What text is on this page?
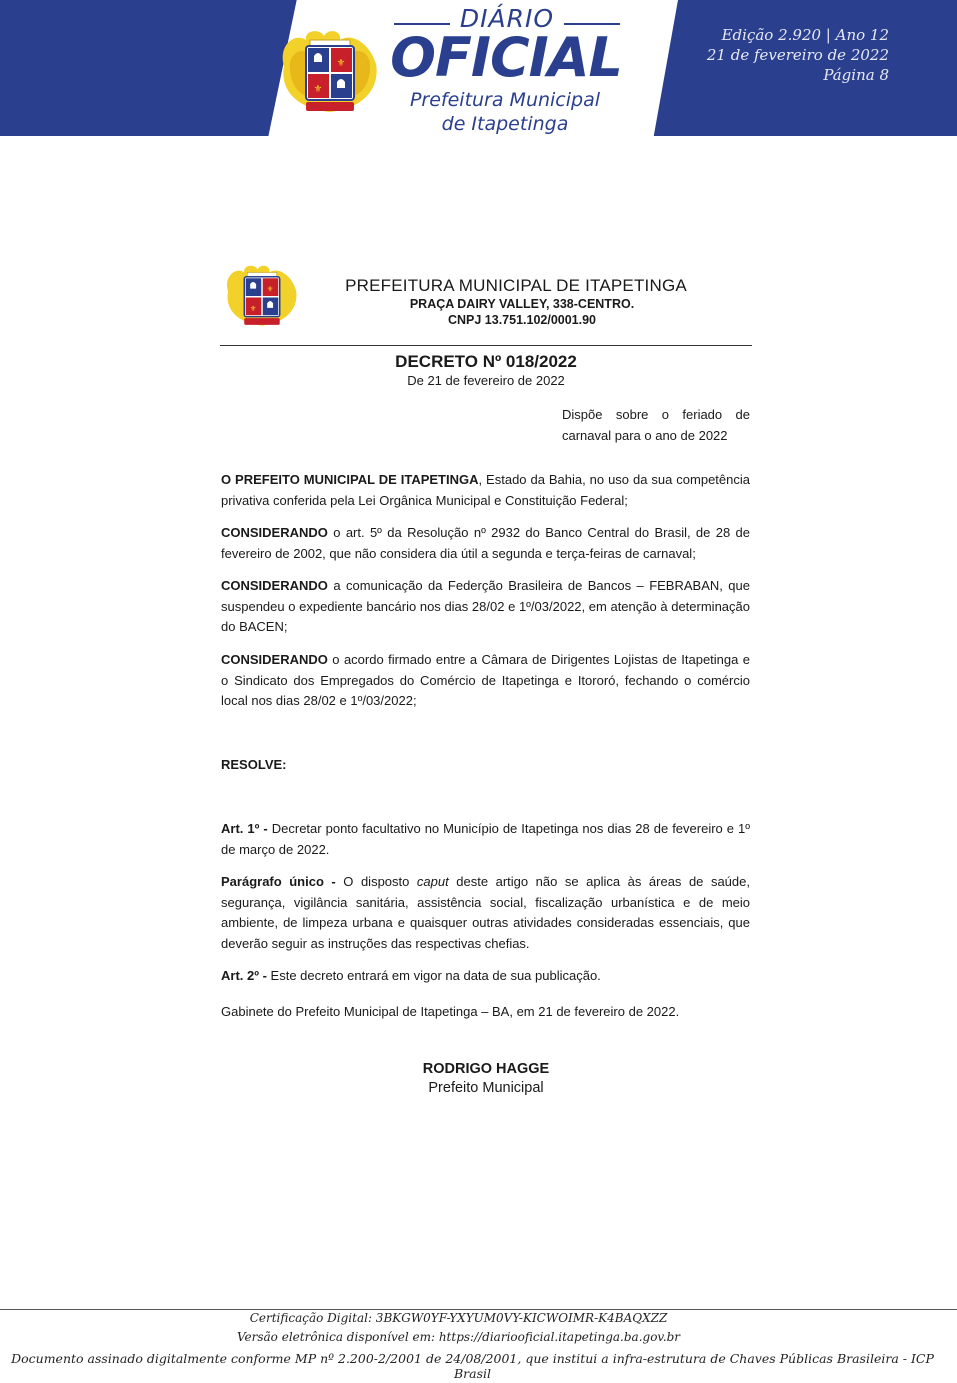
⚜
⚜
DIÁRIO
OFICIAL
Prefeitura Municipal
de Itapetinga
Edição 2.920 | Ano 12
21 de fevereiro de 2022
Página 8
⚜
⚜
PREFEITURA MUNICIPAL DE ITAPETINGA
PRAÇA DAIRY VALLEY, 338-CENTRO.
CNPJ 13.751.102/0001.90
DECRETO Nº 018/2022
De 21 de fevereiro de 2022
Dispõe sobre o feriado de carnaval para o ano de 2022
O PREFEITO MUNICIPAL DE ITAPETINGA, Estado da Bahia, no uso da sua competência privativa conferida pela Lei Orgânica Municipal e Constituição Federal;
CONSIDERANDO o art. 5º da Resolução nº 2932 do Banco Central do Brasil, de 28 de fevereiro de 2002, que não considera dia útil a segunda e terça-feiras de carnaval;
CONSIDERANDO a comunicação da Federção Brasileira de Bancos – FEBRABAN, que suspendeu o expediente bancário nos dias 28/02 e 1º/03/2022, em atenção à determinação do BACEN;
CONSIDERANDO o acordo firmado entre a Câmara de Dirigentes Lojistas de Itapetinga e o Sindicato dos Empregados do Comércio de Itapetinga e Itororó, fechando o comércio local nos dias 28/02 e 1º/03/2022;
RESOLVE:
Art. 1º - Decretar ponto facultativo no Município de Itapetinga nos dias 28 de fevereiro e 1º de março de 2022.
Parágrafo único - O disposto caput deste artigo não se aplica às áreas de saúde, segurança, vigilância sanitária, assistência social, fiscalização urbanística e de meio ambiente, de limpeza urbana e quaisquer outras atividades consideradas essenciais, que deverão seguir as instruções das respectivas chefias.
Art. 2º - Este decreto entrará em vigor na data de sua publicação.
Gabinete do Prefeito Municipal de Itapetinga – BA, em 21 de fevereiro de 2022.
RODRIGO HAGGE
Prefeito Municipal
Certificação Digital: 3BKGW0YF-YXYUM0VY-KICWOIMR-K4BAQXZZ
Versão eletrônica disponível em: https://diariooficial.itapetinga.ba.gov.br
Documento assinado digitalmente conforme MP nº 2.200-2/2001 de 24/08/2001, que institui a infra-estrutura de Chaves Públicas Brasileira - ICP Brasil
